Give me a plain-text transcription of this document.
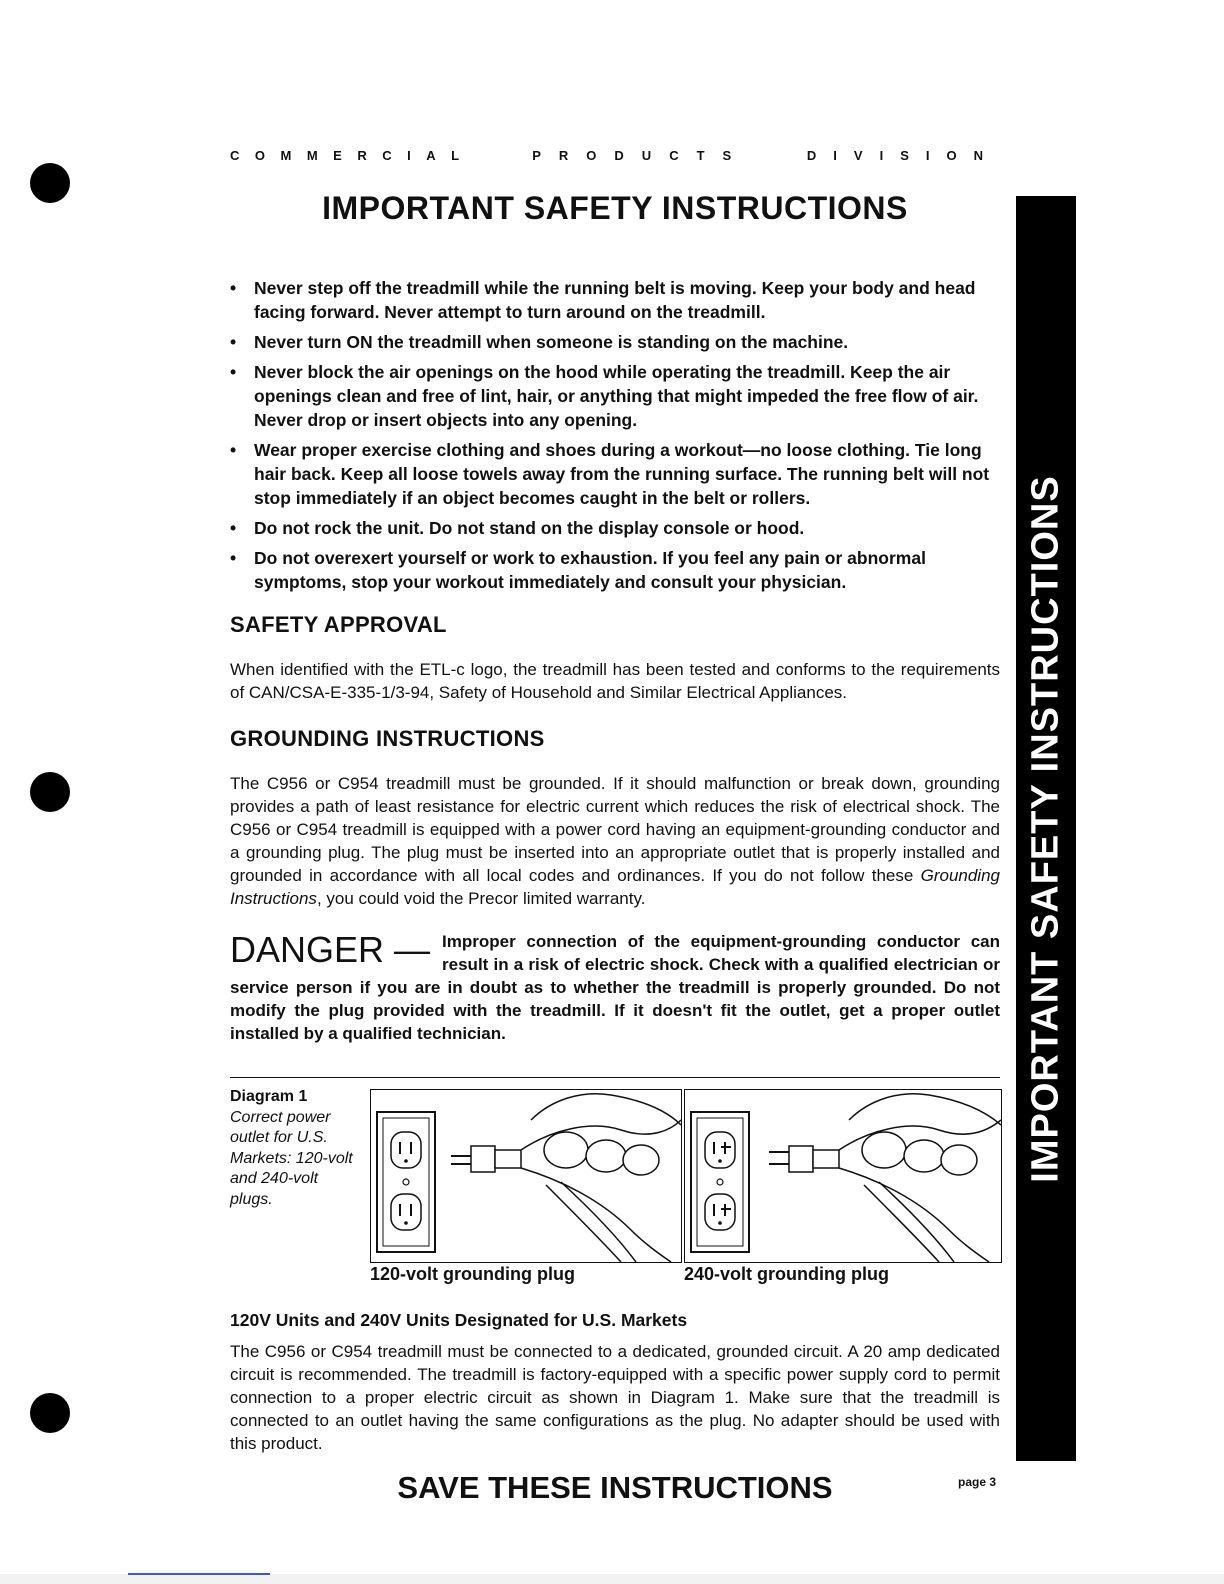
COMMERCIAL	PRODUCTS	DIVISION
IMPORTANT SAFETY INSTRUCTIONS
IMPORTANT SAFETY INSTRUCTIONS
• Never step off the treadmill while the running belt is moving. Keep your body and head facing forward. Never attempt to turn around on the treadmill.
• Never turn ON the treadmill when someone is standing on the machine.
• Never block the air openings on the hood while operating the treadmill. Keep the air openings clean and free of lint, hair, or anything that might impeded the free flow of air. Never drop or insert objects into any opening.
• Wear proper exercise clothing and shoes during a workout—no loose clothing. Tie long hair back. Keep all loose towels away from the running surface. The running belt will not stop immediately if an object becomes caught in the belt or rollers.
• Do not rock the unit. Do not stand on the display console or hood.
• Do not overexert yourself or work to exhaustion. If you feel any pain or abnormal symptoms, stop your workout immediately and consult your physician.
SAFETY APPROVAL

When identified with the ETL-c logo, the treadmill has been tested and conforms to the requirements of CAN/CSA-E-335-1/3-94, Safety of Household and Similar Electrical Appliances.

GROUNDING INSTRUCTIONS

The C956 or C954 treadmill must be grounded. If it should malfunction or break down, grounding provides a path of least resistance for electric current which reduces the risk of electrical shock. The C956 or C954 treadmill is equipped with a power cord having an equipment-grounding conductor and a grounding plug. The plug must be inserted into an appropriate outlet that is properly installed and grounded in accordance with all local codes and ordinances. If you do not follow these Grounding Instructions, you could void the Precor limited warranty.

DANGER — Improper connection of the equipment-grounding conductor can result in a risk of electric shock. Check with a qualified electrician or service person if you are in doubt as to whether the treadmill is properly grounded. Do not modify the plug provided with the treadmill. If it doesn't fit the outlet, get a proper outlet installed by a qualified technician.
Diagram 1
Correct power outlet for U.S. Markets: 120-volt and 240-volt plugs.
120-volt grounding plug	240-volt grounding plug
120V Units and 240V Units Designated for U.S. Markets

The C956 or C954 treadmill must be connected to a dedicated, grounded circuit. A 20 amp dedicated circuit is recommended. The treadmill is factory-equipped with a specific power supply cord to permit connection to a proper electric circuit as shown in Diagram 1. Make sure that the treadmill is connected to an outlet having the same configurations as the plug. No adapter should be used with this product.

SAVE THESE INSTRUCTIONS	page 3
